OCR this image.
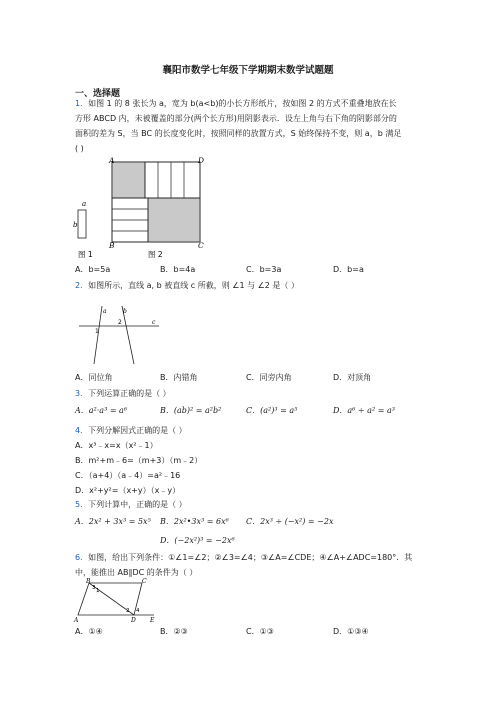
襄阳市数学七年级下学期期末数学试题题
一、选择题
1．如图 1 的 8 张长为 a，宽为 b(a<b)的小长方形纸片，按如图 2 的方式不重叠地放在长
方形 ABCD 内，未被覆盖的部分(两个长方形)用阴影表示．设左上角与右下角的阴影部分的
面积的差为 S，当 BC 的长度变化时，按照同样的放置方式，S 始终保持不变，则 a，b 满足
( )
a
b
A	D
B	C
图 1	图 2
A．b=5a	B．b=4a	C．b=3a	D．b=a
2．如图所示，直线 a, b 被直线 c 所截，则 ∠1 与 ∠2 是（ ）
a	b
c
1
2
A．同位角	B．内错角	C．同旁内角	D．对顶角
3．下列运算正确的是（ ）
A．a²·a³ = a⁶	B．(ab)² = a²b²	C．(a²)³ = a⁵	D．a⁶ ÷ a² = a³
4．下列分解因式正确的是（ ）
A．x³﹣x=x（x²﹣1）
B．m²+m﹣6=（m+3）（m﹣2）
C．（a+4）（a﹣4）=a²﹣16
D．x²+y²=（x+y）（x﹣y）
5．下列计算中，正确的是（ ）
A．2x² + 3x³ = 5x⁵ B．2x²•3x³ = 6x⁶ C．2x³ ÷ (−x²) = −2x
D．(−2x²)³ = −2x⁶
6．如图，给出下列条件：①∠1=∠2；②∠3=∠4；③∠A=∠CDE；④∠A+∠ADC=180°．其
中，能推出 AB∥DC 的条件为（ ）
B	C
A	D E
1
2
3
4
A．①④	B．②③	C．①③	D．①③④
